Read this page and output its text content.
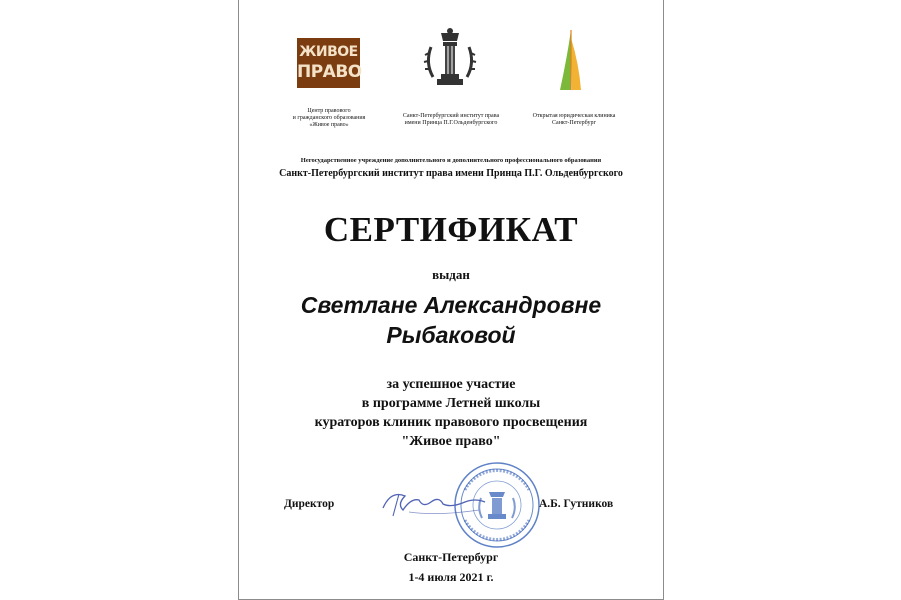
ЖИВОЕ
ПРАВО
Центр правового
и гражданского образования
«Живое право»
Санкт-Петербургский институт права
имени Принца П.Г.Ольденбургского
Открытая юридическая клиника
Санкт-Петербург
Негосударственное учреждение дополнительного и дополнительного профессионального образования
Санкт-Петербургский институт права имени Принца П.Г. Ольденбургского
СЕРТИФИКАТ
выдан
Светлане Александровне
Рыбаковой
за успешное участие
в программе Летней школы
кураторов клиник правового просвещения
"Живое право"
Директор	А.Б. Гутников
Санкт-Петербург
1-4 июля 2021 г.
